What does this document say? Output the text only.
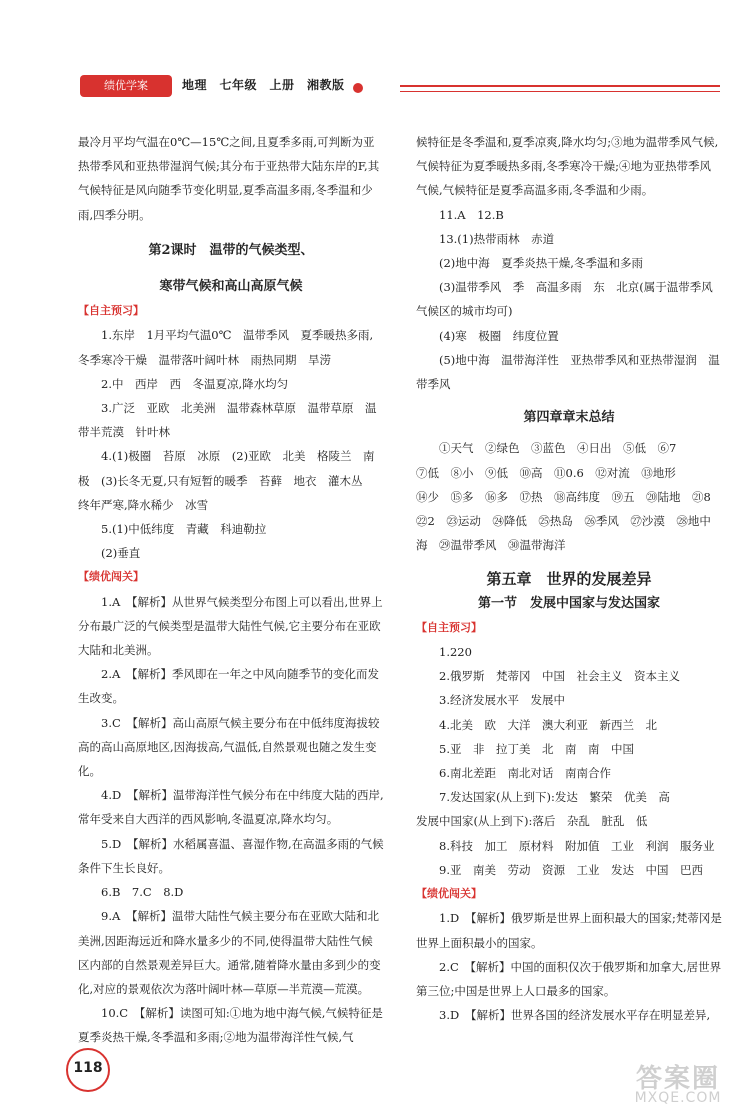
绩优学案	地理　七年级　上册　湘教版

最冷月平均气温在0℃—15℃之间,且夏季多雨,可判断为亚热带季风和亚热带湿润气候;其分布于亚热带大陆东岸的F,其气候特征是风向随季节变化明显,夏季高温多雨,冬季温和少雨,四季分明。

第2课时　温带的气候类型、

寒带气候和高山高原气候

【自主预习】

1.东岸　1月平均气温0℃　温带季风　夏季暖热多雨,冬季寒冷干燥　温带落叶阔叶林　雨热同期　旱涝

2.中　西岸　西　冬温夏凉,降水均匀

3.广泛　亚欧　北美洲　温带森林草原　温带草原　温带半荒漠　针叶林

4.(1)极圈　苔原　冰原　(2)亚欧　北美　格陵兰　南极　(3)长冬无夏,只有短暂的暖季　苔藓　地衣　灌木丛　终年严寒,降水稀少　冰雪

5.(1)中低纬度　青藏　科迪勒拉

(2)垂直

【绩优闯关】

1.A　【解析】从世界气候类型分布图上可以看出,世界上分布最广泛的气候类型是温带大陆性气候,它主要分布在亚欧大陆和北美洲。

2.A　【解析】季风即在一年之中风向随季节的变化而发生改变。

3.C　【解析】高山高原气候主要分布在中低纬度海拔较高的高山高原地区,因海拔高,气温低,自然景观也随之发生变化。

4.D　【解析】温带海洋性气候分布在中纬度大陆的西岸,常年受来自大西洋的西风影响,冬温夏凉,降水均匀。

5.D　【解析】水稻属喜温、喜湿作物,在高温多雨的气候条件下生长良好。

6.B　7.C　8.D

9.A　【解析】温带大陆性气候主要分布在亚欧大陆和北美洲,因距海远近和降水量多少的不同,使得温带大陆性气候区内部的自然景观差异巨大。通常,随着降水量由多到少的变化,对应的景观依次为落叶阔叶林—草原—半荒漠—荒漠。

10.C　【解析】读图可知:①地为地中海气候,气候特征是夏季炎热干燥,冬季温和多雨;②地为温带海洋性气候,气

候特征是冬季温和,夏季凉爽,降水均匀;③地为温带季风气候,气候特征为夏季暖热多雨,冬季寒冷干燥;④地为亚热带季风气候,气候特征是夏季高温多雨,冬季温和少雨。

11.A　12.B

13.(1)热带雨林　赤道

(2)地中海　夏季炎热干燥,冬季温和多雨

(3)温带季风　季　高温多雨　东　北京(属于温带季风气候区的城市均可)

(4)寒　极圈　纬度位置

(5)地中海　温带海洋性　亚热带季风和亚热带湿润　温带季风

第四章章末总结

①天气　②绿色　③蓝色　④日出　⑤低　⑥7

⑦低　⑧小　⑨低　⑩高　⑪0.6　⑫对流　⑬地形

⑭少　⑮多　⑯多　⑰热　⑱高纬度　⑲五　⑳陆地　㉑8

㉒2　㉓运动　㉔降低　㉕热岛　㉖季风　㉗沙漠　㉘地中

海　㉙温带季风　㉚温带海洋

第五章　世界的发展差异

第一节　发展中国家与发达国家

【自主预习】

1.220

2.俄罗斯　梵蒂冈　中国　社会主义　资本主义

3.经济发展水平　发展中

4.北美　欧　大洋　澳大利亚　新西兰　北

5.亚　非　拉丁美　北　南　南　中国

6.南北差距　南北对话　南南合作

7.发达国家(从上到下):发达　繁荣　优美　高

发展中国家(从上到下):落后　杂乱　脏乱　低

8.科技　加工　原材料　附加值　工业　利润　服务业

9.亚　南美　劳动　资源　工业　发达　中国　巴西

【绩优闯关】

1.D　【解析】俄罗斯是世界上面积最大的国家;梵蒂冈是世界上面积最小的国家。

2.C　【解析】中国的面积仅次于俄罗斯和加拿大,居世界第三位;中国是世界上人口最多的国家。

3.D　【解析】世界各国的经济发展水平存在明显差异,

118	答案圈
MXQE.COM
